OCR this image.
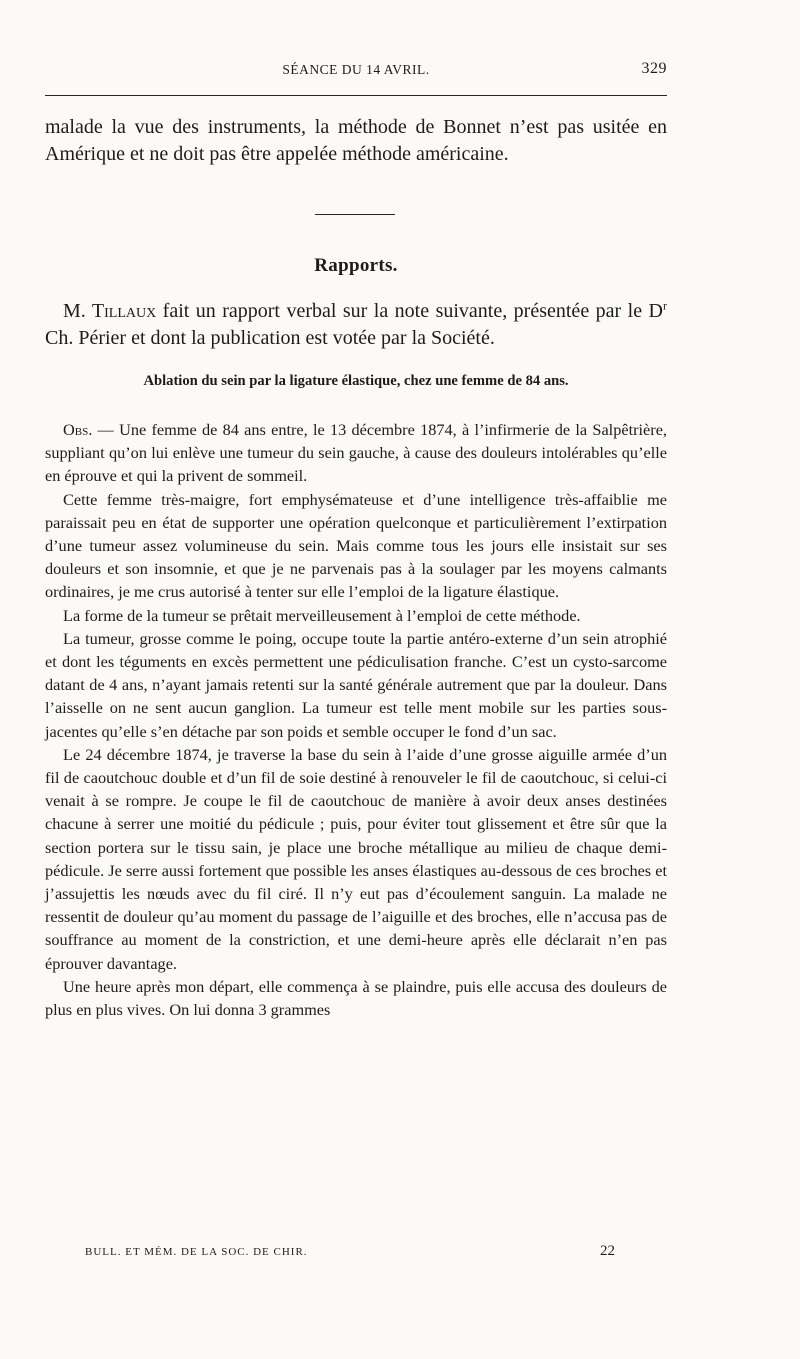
SÉANCE DU 14 AVRIL.	329

malade la vue des instruments, la méthode de Bonnet n’est pas usitée en Amérique et ne doit pas être appelée méthode américaine.

Rapports.

M. Tillaux fait un rapport verbal sur la note suivante, présentée par le $D^r$ Ch. Périer et dont la publication est votée par la Société.

Ablation du sein par la ligature élastique, chez une femme de 84 ans.

Obs. — Une femme de 84 ans entre, le 13 décembre 1874, à l’infirmerie de la Salpêtrière, suppliant qu’on lui enlève une tumeur du sein gauche, à cause des douleurs intolérables qu’elle en éprouve et qui la privent de sommeil.

Cette femme très-maigre, fort emphysémateuse et d’une intelligence très-affaiblie me paraissait peu en état de supporter une opération quelconque et particulièrement l’extirpation d’une tumeur assez volumineuse du sein. Mais comme tous les jours elle insistait sur ses douleurs et son insomnie, et que je ne parvenais pas à la soulager par les moyens calmants ordinaires, je me crus autorisé à tenter sur elle l’emploi de la ligature élastique.

La forme de la tumeur se prêtait merveilleusement à l’emploi de cette méthode.

La tumeur, grosse comme le poing, occupe toute la partie antéro-externe d’un sein atrophié et dont les téguments en excès permettent une pédiculisation franche. C’est un cysto-sarcome datant de 4 ans, n’ayant jamais retenti sur la santé générale autrement que par la douleur. Dans l’aisselle on ne sent aucun ganglion. La tumeur est telle ment mobile sur les parties sous-jacentes qu’elle s’en détache par son poids et semble occuper le fond d’un sac.

Le 24 décembre 1874, je traverse la base du sein à l’aide d’une grosse aiguille armée d’un fil de caoutchouc double et d’un fil de soie destiné à renouveler le fil de caoutchouc, si celui-ci venait à se rompre. Je coupe le fil de caoutchouc de manière à avoir deux anses destinées chacune à serrer une moitié du pédicule ; puis, pour éviter tout glissement et être sûr que la section portera sur le tissu sain, je place une broche métallique au milieu de chaque demi-pédicule. Je serre aussi fortement que possible les anses élastiques au-dessous de ces broches et j’assujettis les nœuds avec du fil ciré. Il n’y eut pas d’écoulement sanguin. La malade ne ressentit de douleur qu’au moment du passage de l’aiguille et des broches, elle n’accusa pas de souffrance au moment de la constriction, et une demi-heure après elle déclarait n’en pas éprouver davantage.

Une heure après mon départ, elle commença à se plaindre, puis elle accusa des douleurs de plus en plus vives. On lui donna 3 grammes

BULL. ET MÉM. DE LA SOC. DE CHIR.	22
